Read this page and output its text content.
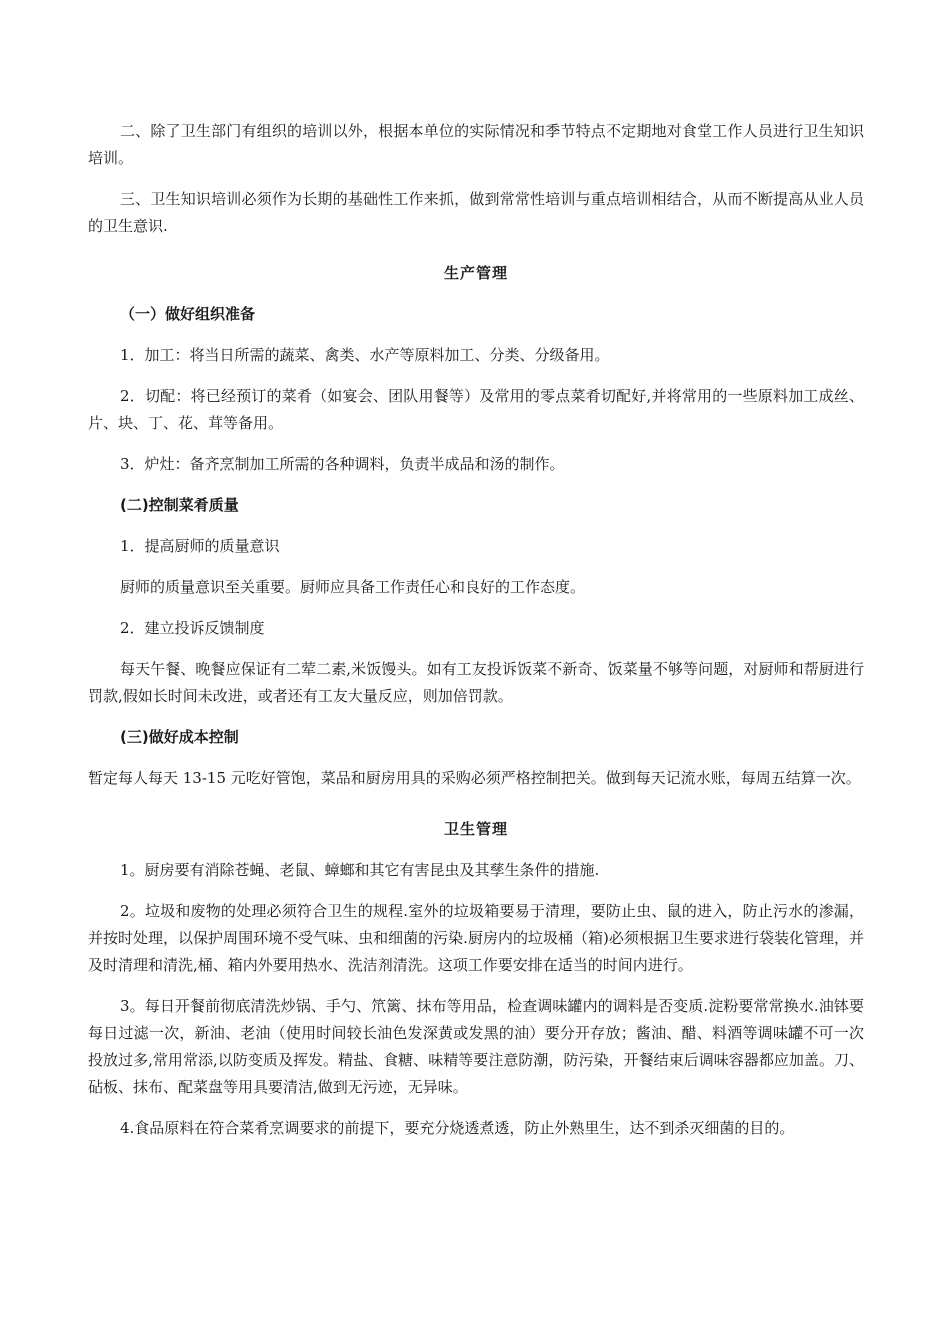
二、除了卫生部门有组织的培训以外，根据本单位的实际情况和季节特点不定期地对食堂工作人员进行卫生知识培训。

三、卫生知识培训必须作为长期的基础性工作来抓，做到常常性培训与重点培训相结合，从而不断提高从业人员的卫生意识.

生产管理

（一）做好组织准备

1．加工：将当日所需的蔬菜、禽类、水产等原料加工、分类、分级备用。

2．切配：将已经预订的菜肴（如宴会、团队用餐等）及常用的零点菜肴切配好,并将常用的一些原料加工成丝、片、块、丁、花、茸等备用。

3．炉灶：备齐烹制加工所需的各种调料，负责半成品和汤的制作。

(二)控制菜肴质量

1．提高厨师的质量意识

厨师的质量意识至关重要。厨师应具备工作责任心和良好的工作态度。

2．建立投诉反馈制度

每天午餐、晚餐应保证有二荤二素,米饭馒头。如有工友投诉饭菜不新奇、饭菜量不够等问题，对厨师和帮厨进行罚款,假如长时间未改进，或者还有工友大量反应，则加倍罚款。

(三)做好成本控制

暂定每人每天 13-15 元吃好管饱，菜品和厨房用具的采购必须严格控制把关。做到每天记流水账，每周五结算一次。

卫生管理

1。厨房要有消除苍蝇、老鼠、蟑螂和其它有害昆虫及其孳生条件的措施.

2。垃圾和废物的处理必须符合卫生的规程.室外的垃圾箱要易于清理，要防止虫、鼠的进入，防止污水的渗漏，并按时处理，以保护周围环境不受气味、虫和细菌的污染.厨房内的垃圾桶（箱)必须根据卫生要求进行袋装化管理，并及时清理和清洗,桶、箱内外要用热水、洗洁剂清洗。这项工作要安排在适当的时间内进行。

3。每日开餐前彻底清洗炒锅、手勺、笊篱、抹布等用品，检查调味罐内的调料是否变质.淀粉要常常换水.油钵要每日过滤一次，新油、老油（使用时间较长油色发深黄或发黑的油）要分开存放；酱油、醋、料酒等调味罐不可一次投放过多,常用常添,以防变质及挥发。精盐、食糖、味精等要注意防潮，防污染，开餐结束后调味容器都应加盖。刀、砧板、抹布、配菜盘等用具要清洁,做到无污迹，无异味。

4.食品原料在符合菜肴烹调要求的前提下，要充分烧透煮透，防止外熟里生，达不到杀灭细菌的目的。
